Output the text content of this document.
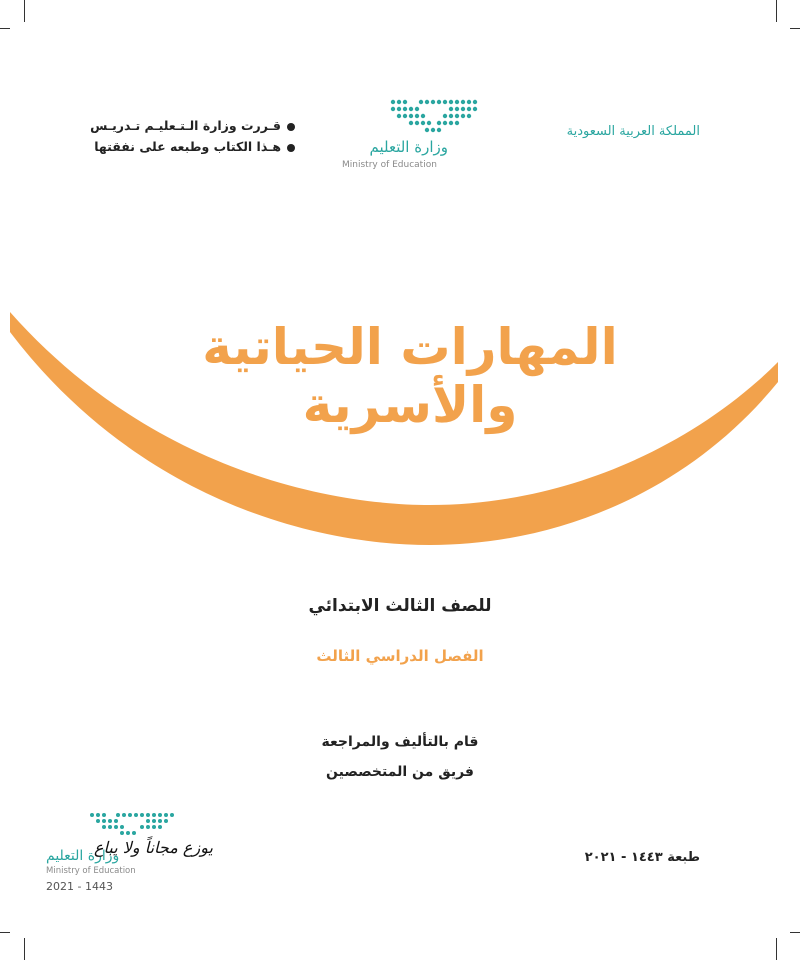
المملكة العربية السعودية
وزارة التعليم
Ministry of Education
قـررت وزارة الـتـعليـم تـدريـس
هـذا الكتاب وطبعه على نفقتها
المهارات الحياتية والأسرية
للصف الثالث الابتدائي
الفصل الدراسي الثالث
قام بالتأليف والمراجعة
فريق من المتخصصين
طبعة ١٤٤٣ - ٢٠٢١
وزارة التعليم
يوزع مجاناً ولا يباع
Ministry of Education
2021 - 1443
